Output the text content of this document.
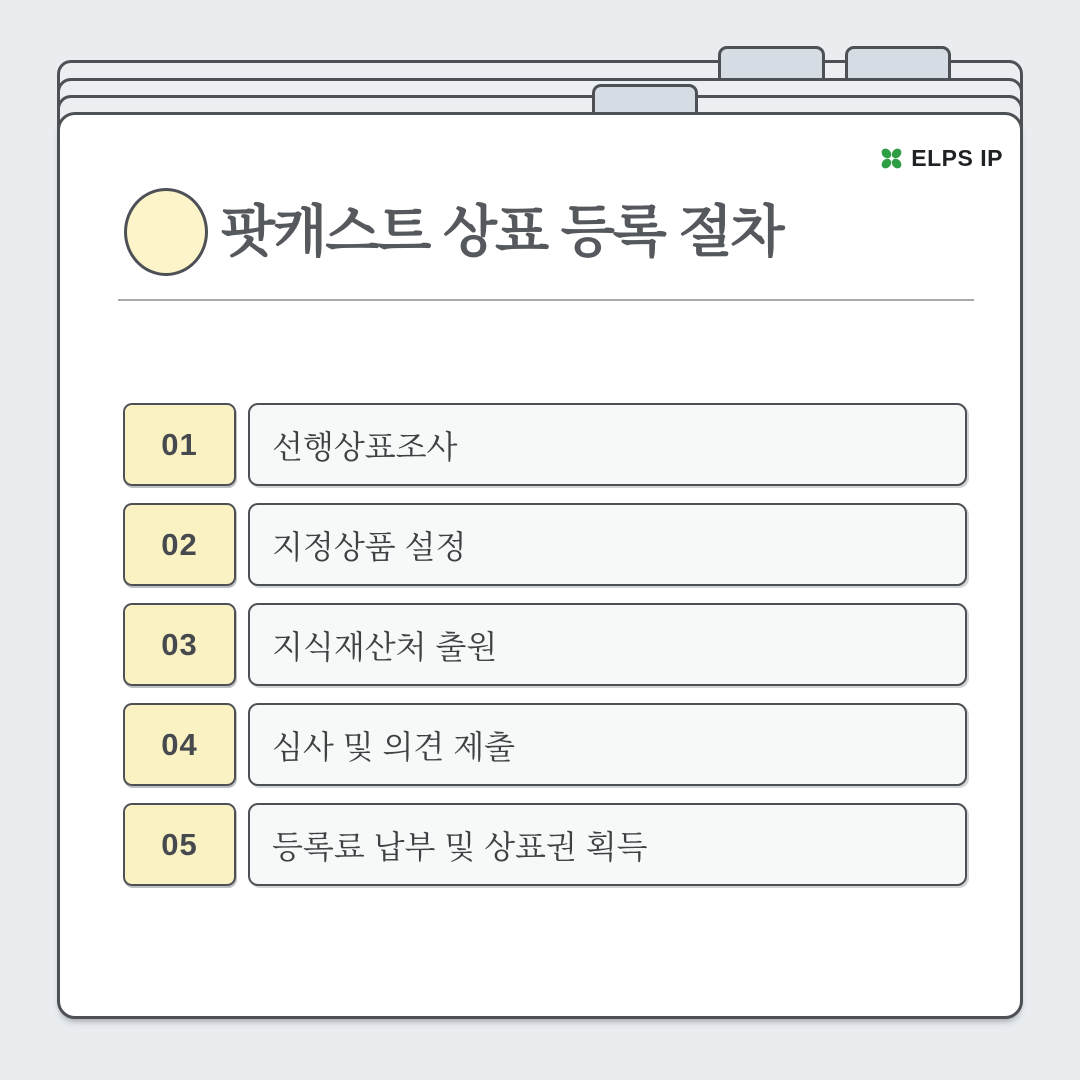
ELPS IP
팟캐스트 상표 등록 절차
01 선행상표조사
02 지정상품 설정
03 지식재산처 출원
04 심사 및 의견 제출
05 등록료 납부 및 상표권 획득
